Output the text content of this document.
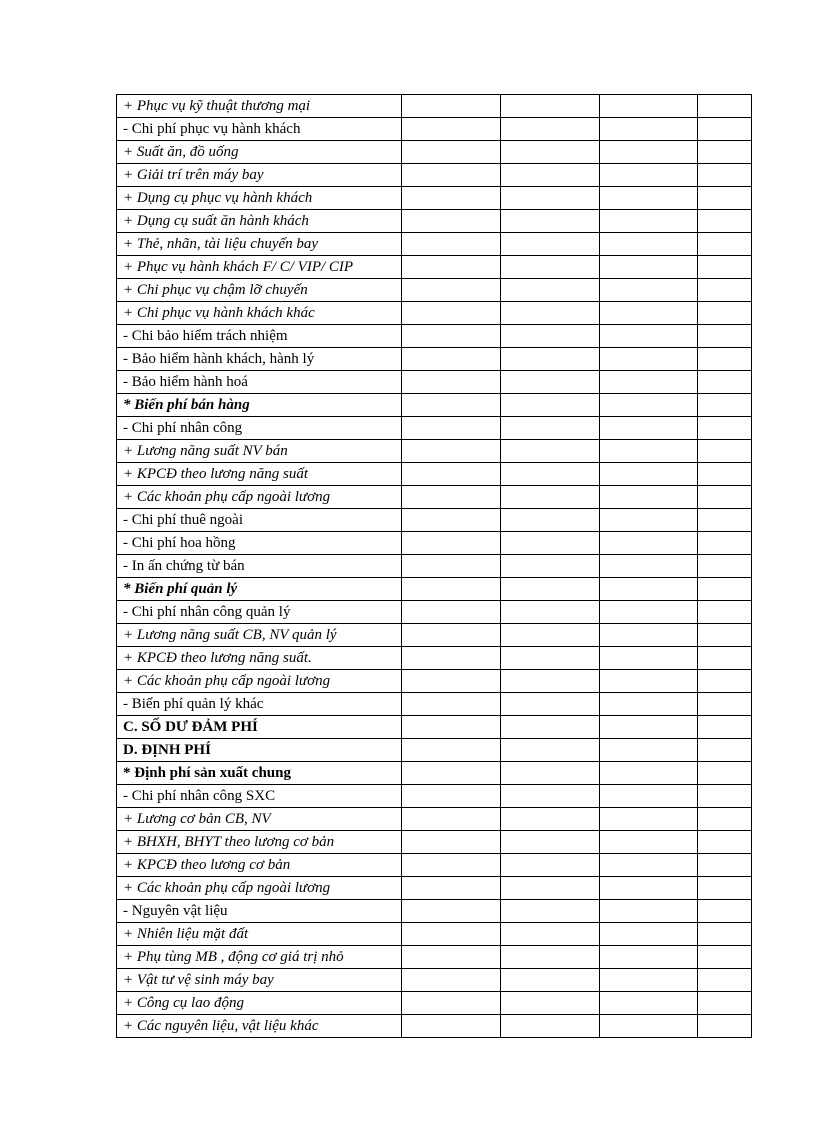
+ Phục vụ kỹ thuật thương mại				
- Chi phí phục vụ hành khách				
+ Suất ăn, đồ uống				
+ Giải trí trên máy bay				
+ Dụng cụ phục vụ hành khách				
+ Dụng cụ suất ăn hành khách				
+ Thẻ, nhãn, tài liệu chuyến bay				
+ Phục vụ hành khách F/ C/ VIP/ CIP				
+ Chi phục vụ chậm lỡ chuyến				
+ Chi phục vụ hành khách khác				
- Chi bảo hiểm trách nhiệm				
- Bảo hiểm hành khách, hành lý				
- Bảo hiểm hành hoá				
* Biến phí bán hàng				
- Chi phí nhân công				
+ Lương năng suất NV bán				
+ KPCĐ theo lương năng suất				
+ Các khoản phụ cấp ngoài lương				
- Chi phí thuê ngoài				
- Chi phí hoa hồng				
- In ấn chứng từ bán				
* Biến phí quản lý				
- Chi phí nhân công quản lý				
+ Lương năng suất CB, NV quản lý				
+ KPCĐ theo lương năng suất.				
+ Các khoản phụ cấp ngoài lương				
- Biến phí quản lý khác				
C. SỐ DƯ ĐẢM PHÍ				
D. ĐỊNH PHÍ				
* Định phí sản xuất chung				
- Chi phí nhân công SXC				
+ Lương cơ bản CB, NV				
+ BHXH, BHYT theo lương cơ bản				
+ KPCĐ theo lương cơ bản				
+ Các khoản phụ cấp ngoài lương				
- Nguyên vật liệu				
+ Nhiên liệu mặt đất				
+ Phụ tùng MB , động cơ giá trị nhỏ				
+ Vật tư vệ sinh máy bay				
+ Công cụ lao động				
+ Các nguyên liệu, vật liệu khác				
